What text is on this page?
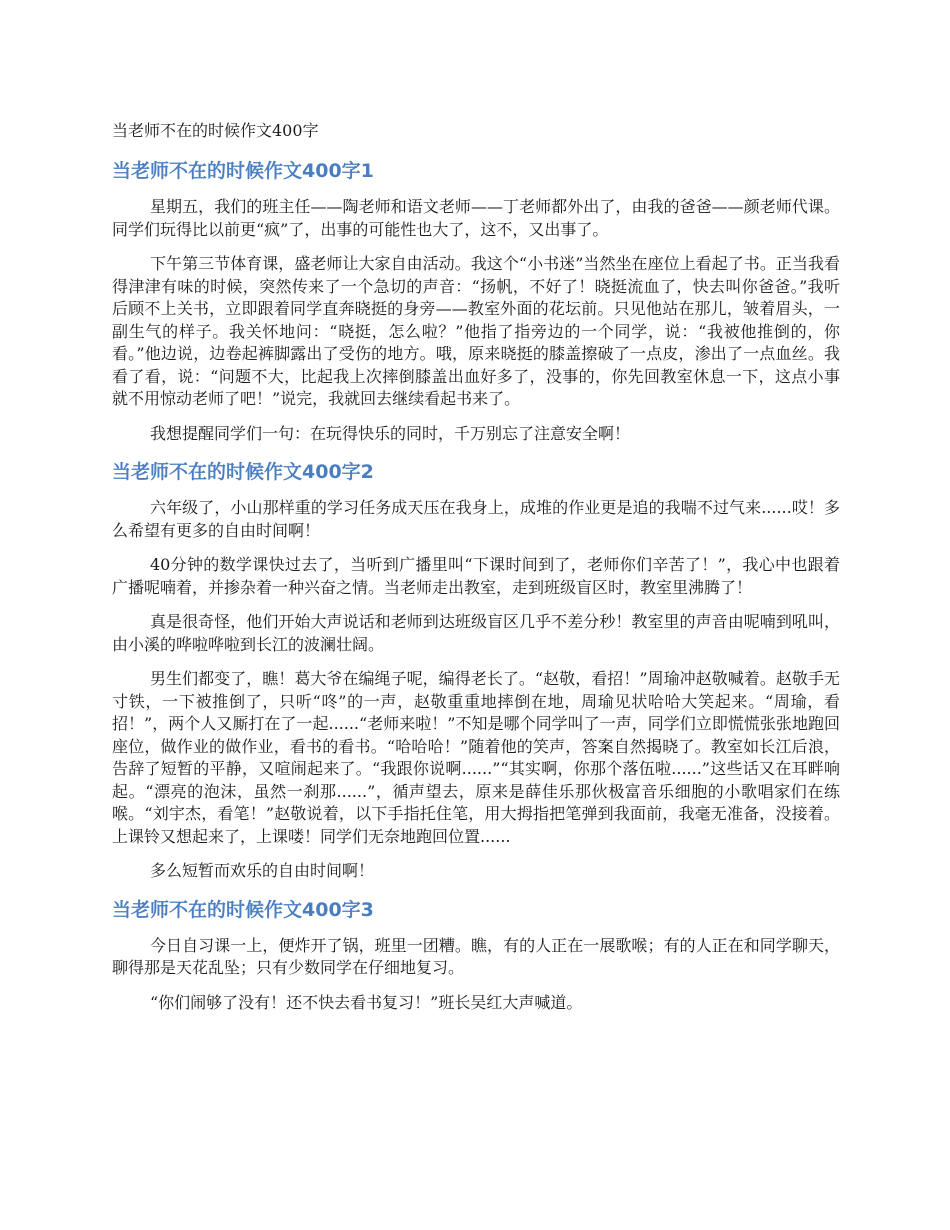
当老师不在的时候作文400字
当老师不在的时候作文400字1

星期五，我们的班主任——陶老师和语文老师——丁老师都外出了，由我的爸爸——颜老师代课。同学们玩得比以前更“疯”了，出事的可能性也大了，这不，又出事了。

下午第三节体育课，盛老师让大家自由活动。我这个“小书迷”当然坐在座位上看起了书。正当我看得津津有味的时候，突然传来了一个急切的声音：“扬帆，不好了！晓挺流血了，快去叫你爸爸。”我听后顾不上关书，立即跟着同学直奔晓挺的身旁——教室外面的花坛前。只见他站在那儿，皱着眉头，一副生气的样子。我关怀地问：“晓挺，怎么啦？”他指了指旁边的一个同学，说：“我被他推倒的，你看。”他边说，边卷起裤脚露出了受伤的地方。哦，原来晓挺的膝盖擦破了一点皮，渗出了一点血丝。我看了看，说：“问题不大，比起我上次摔倒膝盖出血好多了，没事的，你先回教室休息一下，这点小事就不用惊动老师了吧！”说完，我就回去继续看起书来了。

我想提醒同学们一句：在玩得快乐的同时，千万别忘了注意安全啊！

当老师不在的时候作文400字2

六年级了，小山那样重的学习任务成天压在我身上，成堆的作业更是追的我喘不过气来......哎！多么希望有更多的自由时间啊！

40分钟的数学课快过去了，当听到广播里叫“下课时间到了，老师你们辛苦了！”，我心中也跟着广播呢喃着，并掺杂着一种兴奋之情。当老师走出教室，走到班级盲区时，教室里沸腾了！

真是很奇怪，他们开始大声说话和老师到达班级盲区几乎不差分秒！教室里的声音由呢喃到吼叫，由小溪的哗啦哗啦到长江的波澜壮阔。

男生们都变了，瞧！葛大爷在编绳子呢，编得老长了。“赵敬，看招！”周瑜冲赵敬喊着。赵敬手无寸铁，一下被推倒了，只听“咚”的一声，赵敬重重地摔倒在地，周瑜见状哈哈大笑起来。“周瑜，看招！”，两个人又厮打在了一起......“老师来啦！”不知是哪个同学叫了一声，同学们立即慌慌张张地跑回座位，做作业的做作业，看书的看书。“哈哈哈！”随着他的笑声，答案自然揭晓了。教室如长江后浪，告辞了短暂的平静，又喧闹起来了。“我跟你说啊......”“其实啊，你那个落伍啦......”这些话又在耳畔响起。“漂亮的泡沫，虽然一刹那......”，循声望去，原来是薛佳乐那伙极富音乐细胞的小歌唱家们在练喉。“刘宇杰，看笔！”赵敬说着，以下手指托住笔，用大拇指把笔弹到我面前，我毫无准备，没接着。上课铃又想起来了，上课喽！同学们无奈地跑回位置......

多么短暂而欢乐的自由时间啊！

当老师不在的时候作文400字3

今日自习课一上，便炸开了锅，班里一团糟。瞧，有的人正在一展歌喉；有的人正在和同学聊天，聊得那是天花乱坠；只有少数同学在仔细地复习。

“你们闹够了没有！还不快去看书复习！”班长吴红大声喊道。
